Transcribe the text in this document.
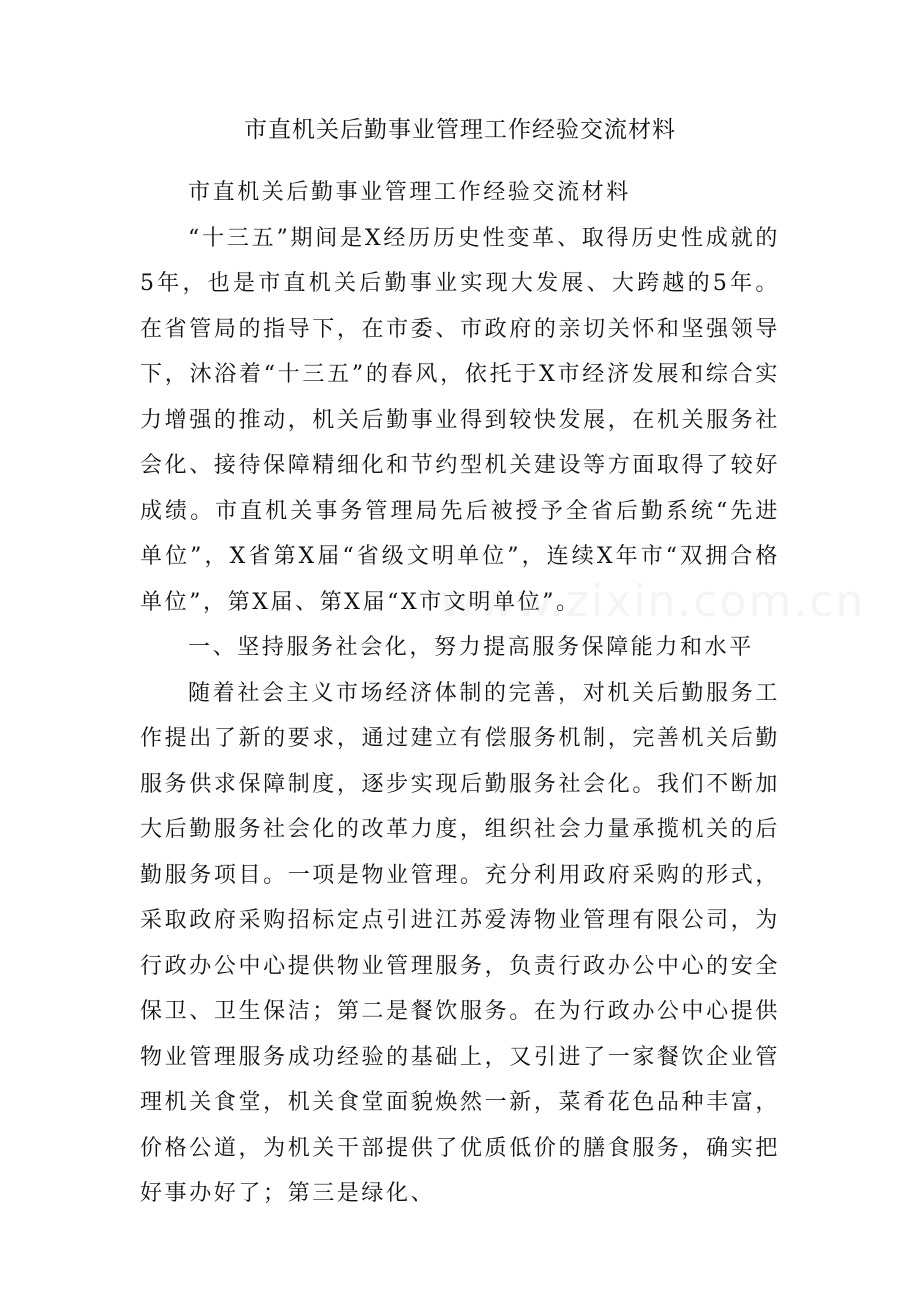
市直机关后勤事业管理工作经验交流材料

市直机关后勤事业管理工作经验交流材料

“十三五”期间是X经历历史性变革、取得历史性成就的5年，也是市直机关后勤事业实现大发展、大跨越的5年。在省管局的指导下，在市委、市政府的亲切关怀和坚强领导下，沐浴着“十三五”的春风，依托于X市经济发展和综合实力增强的推动，机关后勤事业得到较快发展，在机关服务社会化、接待保障精细化和节约型机关建设等方面取得了较好成绩。市直机关事务管理局先后被授予全省后勤系统“先进单位”，X省第X届“省级文明单位”，连续X年市“双拥合格单位”，第X届、第X届“X市文明单位”。

一、坚持服务社会化，努力提高服务保障能力和水平

随着社会主义市场经济体制的完善，对机关后勤服务工作提出了新的要求，通过建立有偿服务机制，完善机关后勤服务供求保障制度，逐步实现后勤服务社会化。我们不断加大后勤服务社会化的改革力度，组织社会力量承揽机关的后勤服务项目。一项是物业管理。充分利用政府采购的形式，采取政府采购招标定点引进江苏爱涛物业管理有限公司，为行政办公中心提供物业管理服务，负责行政办公中心的安全保卫、卫生保洁；第二是餐饮服务。在为行政办公中心提供物业管理服务成功经验的基础上，又引进了一家餐饮企业管理机关食堂，机关食堂面貌焕然一新，菜肴花色品种丰富，价格公道，为机关干部提供了优质低价的膳食服务，确实把好事办好了；第三是绿化、
